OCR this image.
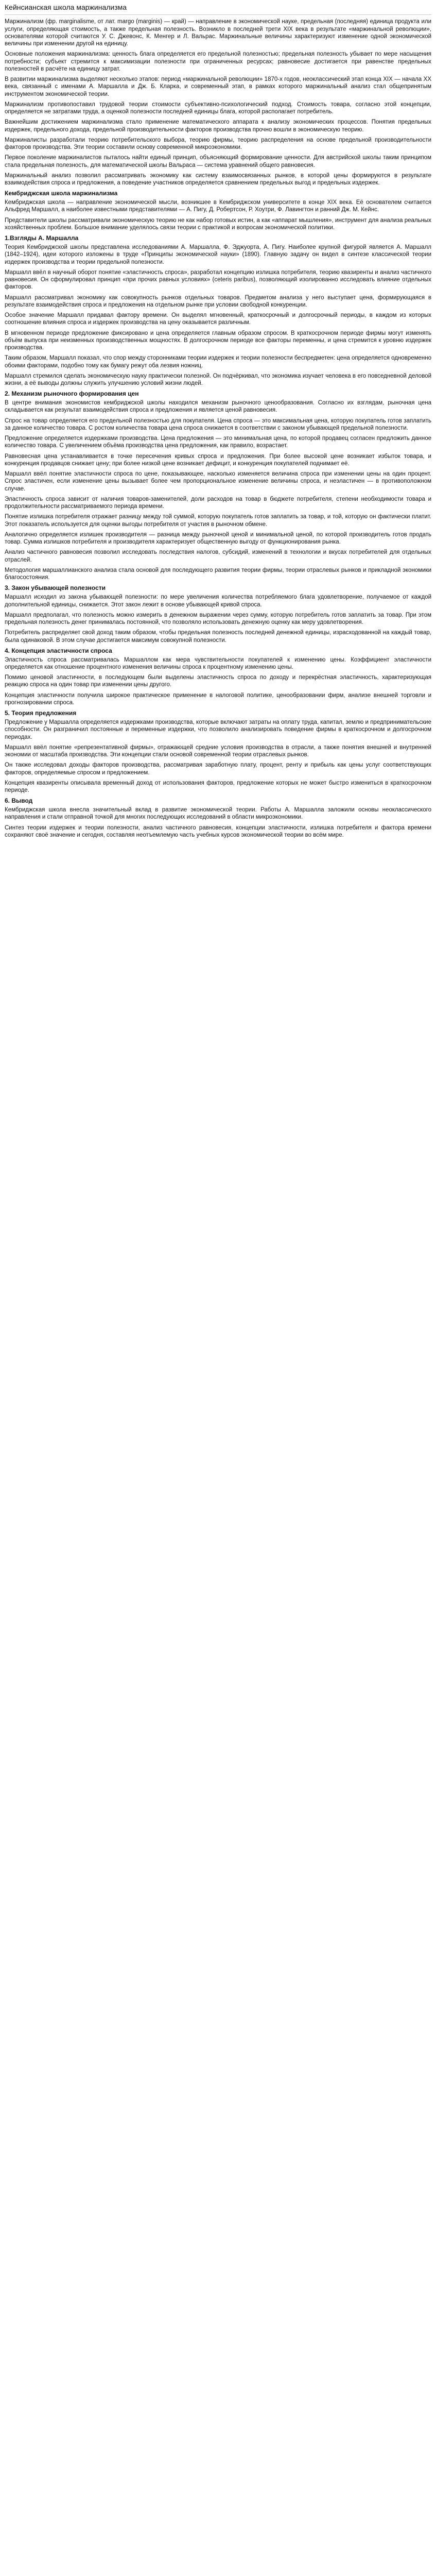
Кейнсианская школа маржинализма

Маржинализм (фр. marginalisme, от лат. margo (marginis) — край) — направление в экономической науке, предельная (последняя) единица продукта или услуги, определяющая стоимость, а также предельная полезность. Возникло в последней трети XIX века в результате «маржинальной революции», основателями которой считаются У. С. Джевонс, К. Менгер и Л. Вальрас. Маржинальные величины характеризуют изменение одной экономической величины при изменении другой на единицу.

Основные положения маржинализма: ценность блага определяется его предельной полезностью; предельная полезность убывает по мере насыщения потребности; субъект стремится к максимизации полезности при ограниченных ресурсах; равновесие достигается при равенстве предельных полезностей в расчёте на единицу затрат.

В развитии маржинализма выделяют несколько этапов: период «маржинальной революции» 1870-х годов, неоклассический этап конца XIX — начала XX века, связанный с именами А. Маршалла и Дж. Б. Кларка, и современный этап, в рамках которого маржинальный анализ стал общепринятым инструментом экономической теории.

Маржинализм противопоставил трудовой теории стоимости субъективно-психологический подход. Стоимость товара, согласно этой концепции, определяется не затратами труда, а оценкой полезности последней единицы блага, которой располагает потребитель.

Важнейшим достижением маржинализма стало применение математического аппарата к анализу экономических процессов. Понятия предельных издержек, предельного дохода, предельной производительности факторов производства прочно вошли в экономическую теорию.

Маржиналисты разработали теорию потребительского выбора, теорию фирмы, теорию распределения на основе предельной производительности факторов производства. Эти теории составили основу современной микроэкономики.

Первое поколение маржиналистов пыталось найти единый принцип, объясняющий формирование ценности. Для австрийской школы таким принципом стала предельная полезность, для математической школы Вальраса — система уравнений общего равновесия.

Маржинальный анализ позволил рассматривать экономику как систему взаимосвязанных рынков, в которой цены формируются в результате взаимодействия спроса и предложения, а поведение участников определяется сравнением предельных выгод и предельных издержек.

Кембриджская школа маржинализма

Кембриджская школа — направление экономической мысли, возникшее в Кембриджском университете в конце XIX века. Её основателем считается Альфред Маршалл, а наиболее известными представителями — А. Пигу, Д. Робертсон, Р. Хоутри, Ф. Лавингтон и ранний Дж. М. Кейнс.

Представители школы рассматривали экономическую теорию не как набор готовых истин, а как «аппарат мышления», инструмент для анализа реальных хозяйственных проблем. Большое внимание уделялось связи теории с практикой и вопросам экономической политики.

1.Взгляды А. Маршалла

Теория Кембриджской школы представлена исследованиями А. Маршалла, Ф. Эджуорта, А. Пигу. Наиболее крупной фигурой является А. Маршалл (1842–1924), идеи которого изложены в труде «Принципы экономической науки» (1890). Главную задачу он видел в синтезе классической теории издержек производства и теории предельной полезности.

Маршалл ввёл в научный оборот понятие «эластичность спроса», разработал концепцию излишка потребителя, теорию квазиренты и анализ частичного равновесия. Он сформулировал принцип «при прочих равных условиях» (ceteris paribus), позволяющий изолированно исследовать влияние отдельных факторов.

Маршалл рассматривал экономику как совокупность рынков отдельных товаров. Предметом анализа у него выступает цена, формирующаяся в результате взаимодействия спроса и предложения на отдельном рынке при условии свободной конкуренции.

Особое значение Маршалл придавал фактору времени. Он выделял мгновенный, краткосрочный и долгосрочный периоды, в каждом из которых соотношение влияния спроса и издержек производства на цену оказывается различным.

В мгновенном периоде предложение фиксировано и цена определяется главным образом спросом. В краткосрочном периоде фирмы могут изменять объём выпуска при неизменных производственных мощностях. В долгосрочном периоде все факторы переменны, и цена стремится к уровню издержек производства.

Таким образом, Маршалл показал, что спор между сторонниками теории издержек и теории полезности беспредметен: цена определяется одновременно обоими факторами, подобно тому как бумагу режут оба лезвия ножниц.

Маршалл стремился сделать экономическую науку практически полезной. Он подчёркивал, что экономика изучает человека в его повседневной деловой жизни, а её выводы должны служить улучшению условий жизни людей.

2. Механизм рыночного формирования цен

В центре внимания экономистов кембриджской школы находился механизм рыночного ценообразования. Согласно их взглядам, рыночная цена складывается как результат взаимодействия спроса и предложения и является ценой равновесия.

Спрос на товар определяется его предельной полезностью для покупателя. Цена спроса — это максимальная цена, которую покупатель готов заплатить за данное количество товара. С ростом количества товара цена спроса снижается в соответствии с законом убывающей предельной полезности.

Предложение определяется издержками производства. Цена предложения — это минимальная цена, по которой продавец согласен предложить данное количество товара. С увеличением объёма производства цена предложения, как правило, возрастает.

Равновесная цена устанавливается в точке пересечения кривых спроса и предложения. При более высокой цене возникает избыток товара, и конкуренция продавцов снижает цену; при более низкой цене возникает дефицит, и конкуренция покупателей поднимает её.

Маршалл ввёл понятие эластичности спроса по цене, показывающее, насколько изменяется величина спроса при изменении цены на один процент. Спрос эластичен, если изменение цены вызывает более чем пропорциональное изменение величины спроса, и неэластичен — в противоположном случае.

Эластичность спроса зависит от наличия товаров-заменителей, доли расходов на товар в бюджете потребителя, степени необходимости товара и продолжительности рассматриваемого периода времени.

Понятие излишка потребителя отражает разницу между той суммой, которую покупатель готов заплатить за товар, и той, которую он фактически платит. Этот показатель используется для оценки выгоды потребителя от участия в рыночном обмене.

Аналогично определяется излишек производителя — разница между рыночной ценой и минимальной ценой, по которой производитель готов продать товар. Сумма излишков потребителя и производителя характеризует общественную выгоду от функционирования рынка.

Анализ частичного равновесия позволил исследовать последствия налогов, субсидий, изменений в технологии и вкусах потребителей для отдельных отраслей.

Методология маршаллианского анализа стала основой для последующего развития теории фирмы, теории отраслевых рынков и прикладной экономики благосостояния.

3. Закон убывающей полезности

Маршалл исходил из закона убывающей полезности: по мере увеличения количества потребляемого блага удовлетворение, получаемое от каждой дополнительной единицы, снижается. Этот закон лежит в основе убывающей кривой спроса.

Маршалл предполагал, что полезность можно измерить в денежном выражении через сумму, которую потребитель готов заплатить за товар. При этом предельная полезность денег принималась постоянной, что позволяло использовать денежную оценку как меру удовлетворения.

Потребитель распределяет свой доход таким образом, чтобы предельная полезность последней денежной единицы, израсходованной на каждый товар, была одинаковой. В этом случае достигается максимум совокупной полезности.

4. Концепция эластичности спроса

Эластичность спроса рассматривалась Маршаллом как мера чувствительности покупателей к изменению цены. Коэффициент эластичности определяется как отношение процентного изменения величины спроса к процентному изменению цены.

Помимо ценовой эластичности, в последующем были выделены эластичность спроса по доходу и перекрёстная эластичность, характеризующая реакцию спроса на один товар при изменении цены другого.

Концепция эластичности получила широкое практическое применение в налоговой политике, ценообразовании фирм, анализе внешней торговли и прогнозировании спроса.

5. Теория предложения

Предложение у Маршалла определяется издержками производства, которые включают затраты на оплату труда, капитал, землю и предпринимательские способности. Он разграничил постоянные и переменные издержки, что позволило анализировать поведение фирмы в краткосрочном и долгосрочном периодах.

Маршалл ввёл понятие «репрезентативной фирмы», отражающей средние условия производства в отрасли, а также понятия внешней и внутренней экономии от масштаба производства. Эти концепции стали основой современной теории отраслевых рынков.

Он также исследовал доходы факторов производства, рассматривая заработную плату, процент, ренту и прибыль как цены услуг соответствующих факторов, определяемые спросом и предложением.

Концепция квазиренты описывала временный доход от использования факторов, предложение которых не может быстро измениться в краткосрочном периоде.

6. Вывод

Кембриджская школа внесла значительный вклад в развитие экономической теории. Работы А. Маршалла заложили основы неоклассического направления и стали отправной точкой для многих последующих исследований в области микроэкономики.

Синтез теории издержек и теории полезности, анализ частичного равновесия, концепции эластичности, излишка потребителя и фактора времени сохраняют своё значение и сегодня, составляя неотъемлемую часть учебных курсов экономической теории во всём мире.
